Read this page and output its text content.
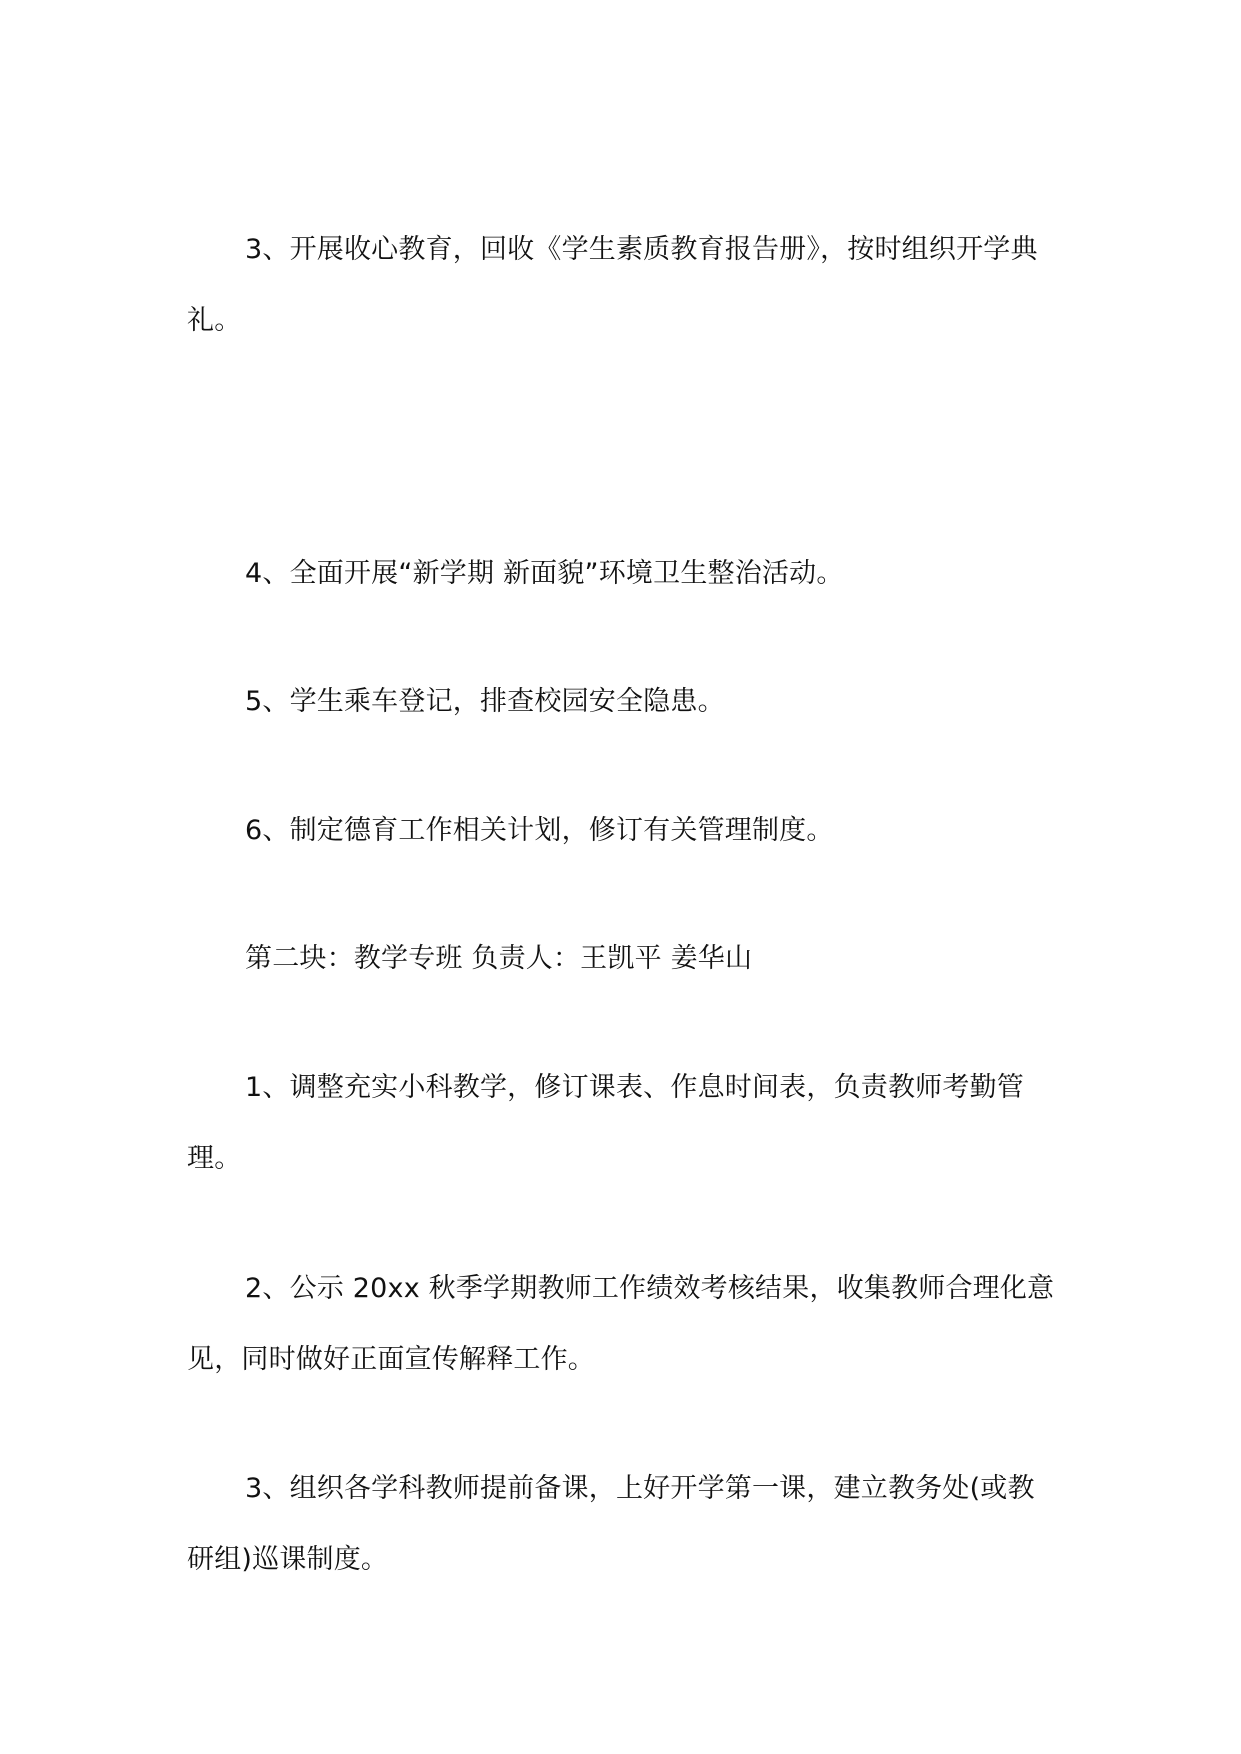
3、开展收心教育，回收《学生素质教育报告册》，按时组织开学典礼。

4、全面开展“新学期 新面貌”环境卫生整治活动。

5、学生乘车登记，排查校园安全隐患。

6、制定德育工作相关计划，修订有关管理制度。

第二块：教学专班 负责人：王凯平 姜华山

1、调整充实小科教学，修订课表、作息时间表，负责教师考勤管理。

2、公示 20xx 秋季学期教师工作绩效考核结果，收集教师合理化意见，同时做好正面宣传解释工作。

3、组织各学科教师提前备课，上好开学第一课，建立教务处(或教研组)巡课制度。
